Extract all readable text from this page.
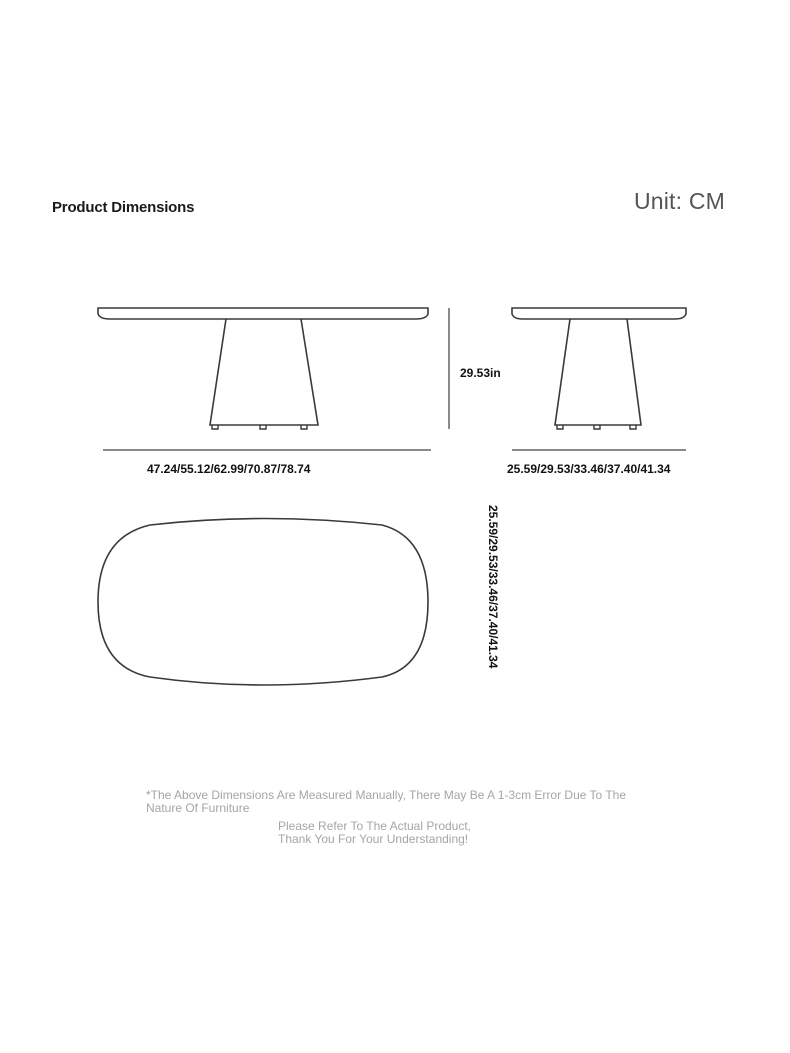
Product Dimensions	Unit: CM
47.24/55.12/62.99/70.87/78.74
29.53in
25.59/29.53/33.46/37.40/41.34
25.59/29.53/33.46/37.40/41.34
*The Above Dimensions Are Measured Manually, There May Be A 1-3cm Error Due To The
Nature Of Furniture
Please Refer To The Actual Product,
Thank You For Your Understanding!
